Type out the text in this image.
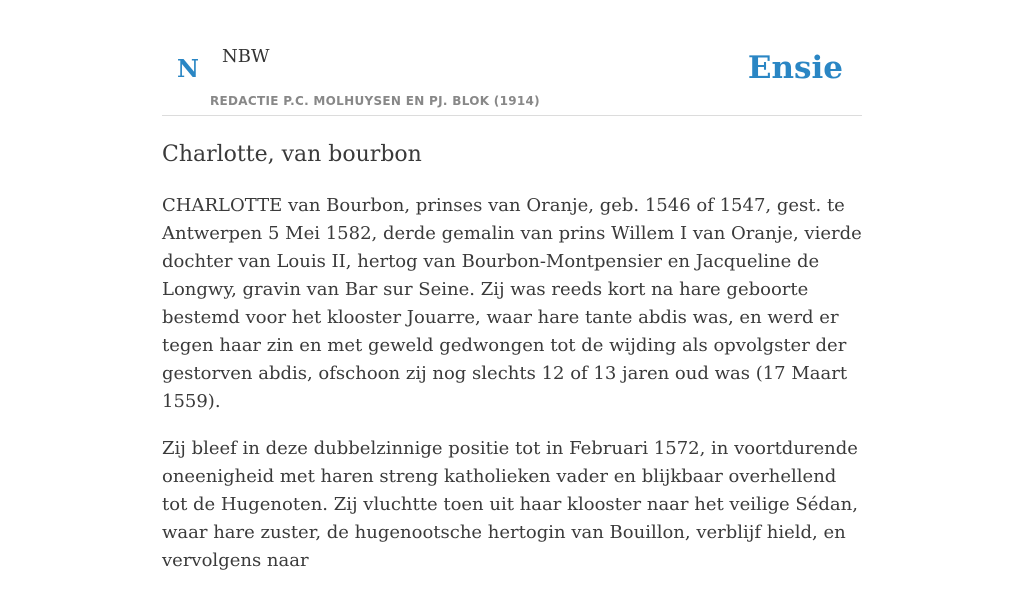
N NBW
REDACTIE P.C. MOLHUYSEN EN PJ. BLOK (1914)
Ensie
Charlotte, van bourbon

CHARLOTTE van Bourbon, prinses van Oranje, geb. 1546 of 1547, gest. te Antwerpen 5 Mei 1582, derde gemalin van prins Willem I van Oranje, vierde dochter van Louis II, hertog van Bourbon-Montpensier en Jacqueline de Longwy, gravin van Bar sur Seine. Zij was reeds kort na hare geboorte bestemd voor het klooster Jouarre, waar hare tante abdis was, en werd er tegen haar zin en met geweld gedwongen tot de wijding als opvolgster der gestorven abdis, ofschoon zij nog slechts 12 of 13 jaren oud was (17 Maart 1559).

Zij bleef in deze dubbelzinnige positie tot in Februari 1572, in voortdurende oneenigheid met haren streng katholieken vader en blijkbaar overhellend tot de Hugenoten. Zij vluchtte toen uit haar klooster naar het veilige Sédan, waar hare zuster, de hugenootsche hertogin van Bouillon, verblijf hield, en vervolgens naar
